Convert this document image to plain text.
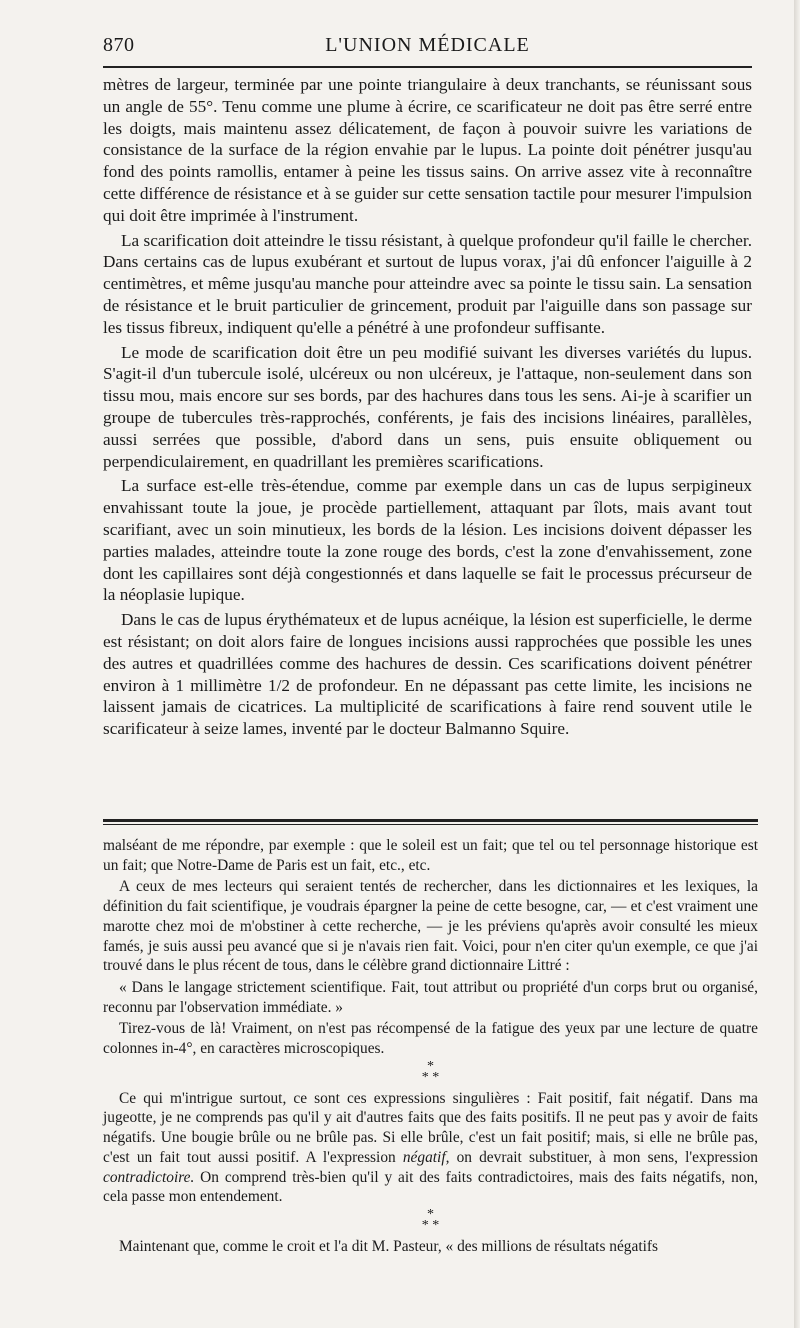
870	L'UNION MÉDICALE

mètres de largeur, terminée par une pointe triangulaire à deux tranchants, se réunissant sous un angle de 55°. Tenu comme une plume à écrire, ce scarificateur ne doit pas être serré entre les doigts, mais maintenu assez délicatement, de façon à pouvoir suivre les variations de consistance de la surface de la région envahie par le lupus. La pointe doit pénétrer jusqu'au fond des points ramollis, entamer à peine les tissus sains. On arrive assez vite à reconnaître cette différence de résistance et à se guider sur cette sensation tactile pour mesurer l'impulsion qui doit être imprimée à l'instrument.

La scarification doit atteindre le tissu résistant, à quelque profondeur qu'il faille le chercher. Dans certains cas de lupus exubérant et surtout de lupus vorax, j'ai dû enfoncer l'aiguille à 2 centimètres, et même jusqu'au manche pour atteindre avec sa pointe le tissu sain. La sensation de résistance et le bruit particulier de grincement, produit par l'aiguille dans son passage sur les tissus fibreux, indiquent qu'elle a pénétré à une profondeur suffisante.

Le mode de scarification doit être un peu modifié suivant les diverses variétés du lupus. S'agit-il d'un tubercule isolé, ulcéreux ou non ulcéreux, je l'attaque, non-seulement dans son tissu mou, mais encore sur ses bords, par des hachures dans tous les sens. Ai-je à scarifier un groupe de tubercules très-rapprochés, conférents, je fais des incisions linéaires, parallèles, aussi serrées que possible, d'abord dans un sens, puis ensuite obliquement ou perpendiculairement, en quadrillant les premières scarifications.

La surface est-elle très-étendue, comme par exemple dans un cas de lupus serpigineux envahissant toute la joue, je procède partiellement, attaquant par îlots, mais avant tout scarifiant, avec un soin minutieux, les bords de la lésion. Les incisions doivent dépasser les parties malades, atteindre toute la zone rouge des bords, c'est la zone d'envahissement, zone dont les capillaires sont déjà congestionnés et dans laquelle se fait le processus précurseur de la néoplasie lupique.

Dans le cas de lupus érythémateux et de lupus acnéique, la lésion est superficielle, le derme est résistant; on doit alors faire de longues incisions aussi rapprochées que possible les unes des autres et quadrillées comme des hachures de dessin. Ces scarifications doivent pénétrer environ à 1 millimètre 1/2 de profondeur. En ne dépassant pas cette limite, les incisions ne laissent jamais de cicatrices. La multiplicité de scarifications à faire rend souvent utile le scarificateur à seize lames, inventé par le docteur Balmanno Squire.

malséant de me répondre, par exemple : que le soleil est un fait; que tel ou tel personnage historique est un fait; que Notre-Dame de Paris est un fait, etc., etc.

A ceux de mes lecteurs qui seraient tentés de rechercher, dans les dictionnaires et les lexiques, la définition du fait scientifique, je voudrais épargner la peine de cette besogne, car, — et c'est vraiment une marotte chez moi de m'obstiner à cette recherche, — je les préviens qu'après avoir consulté les mieux famés, je suis aussi peu avancé que si je n'avais rien fait. Voici, pour n'en citer qu'un exemple, ce que j'ai trouvé dans le plus récent de tous, dans le célèbre grand dictionnaire Littré :

« Dans le langage strictement scientifique. Fait, tout attribut ou propriété d'un corps brut ou organisé, reconnu par l'observation immédiate. »

Tirez-vous de là! Vraiment, on n'est pas récompensé de la fatigue des yeux par une lecture de quatre colonnes in-4°, en caractères microscopiques.

*
* *

Ce qui m'intrigue surtout, ce sont ces expressions singulières : Fait positif, fait négatif. Dans ma jugeotte, je ne comprends pas qu'il y ait d'autres faits que des faits positifs. Il ne peut pas y avoir de faits négatifs. Une bougie brûle ou ne brûle pas. Si elle brûle, c'est un fait positif; mais, si elle ne brûle pas, c'est un fait tout aussi positif. A l'expression négatif, on devrait substituer, à mon sens, l'expression contradictoire. On comprend très-bien qu'il y ait des faits contradictoires, mais des faits négatifs, non, cela passe mon entendement.

*
* *

Maintenant que, comme le croit et l'a dit M. Pasteur, « des millions de résultats négatifs
